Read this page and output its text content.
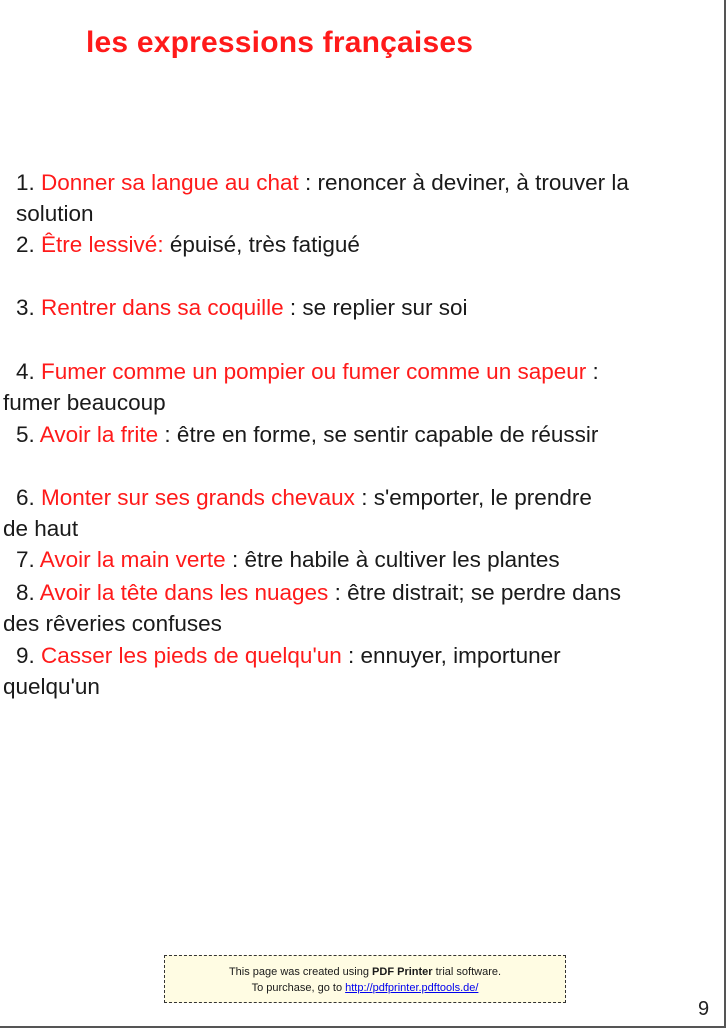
les expressions françaises
1. Donner sa langue au chat : renoncer à deviner, à trouver la
solution
2. Être lessivé: épuisé, très fatigué
3. Rentrer dans sa coquille : se replier sur soi
4. Fumer comme un pompier ou fumer comme un sapeur :
fumer beaucoup
5. Avoir la frite : être en forme, se sentir capable de réussir
6. Monter sur ses grands chevaux : s'emporter, le prendre
de haut
7. Avoir la main verte : être habile à cultiver les plantes
8. Avoir la tête dans les nuages : être distrait; se perdre dans
des rêveries confuses
9. Casser les pieds de quelqu'un : ennuyer, importuner
quelqu'un
This page was created using PDF Printer trial software.
To purchase, go to http://pdfprinter.pdftools.de/
9
